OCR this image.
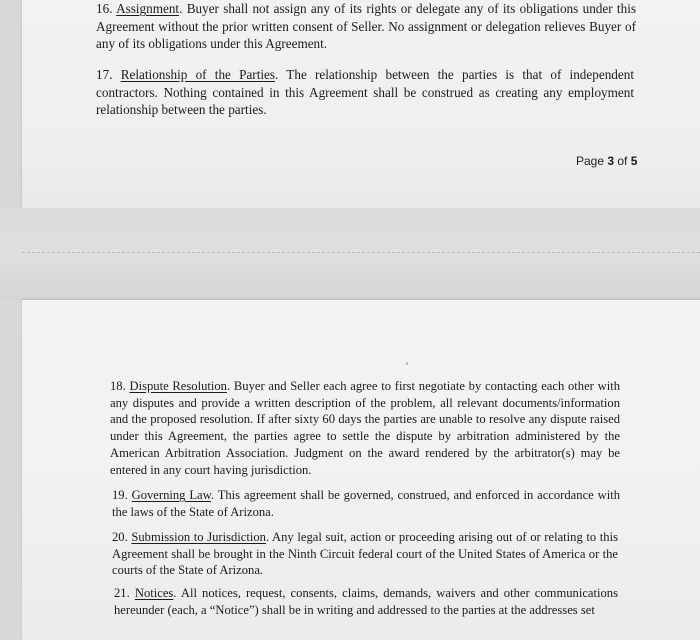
16. Assignment. Buyer shall not assign any of its rights or delegate any of its obligations under this Agreement without the prior written consent of Seller. No assignment or delegation relieves Buyer of any of its obligations under this Agreement.

17. Relationship of the Parties. The relationship between the parties is that of independent contractors. Nothing contained in this Agreement shall be construed as creating any employment relationship between the parties.

Page 3 of 5

18. Dispute Resolution. Buyer and Seller each agree to first negotiate by contacting each other with any disputes and provide a written description of the problem, all relevant documents/information and the proposed resolution. If after sixty 60 days the parties are unable to resolve any dispute raised under this Agreement, the parties agree to settle the dispute by arbitration administered by the American Arbitration Association. Judgment on the award rendered by the arbitrator(s) may be entered in any court having jurisdiction.

19. Governing Law. This agreement shall be governed, construed, and enforced in accordance with the laws of the State of Arizona.

20. Submission to Jurisdiction. Any legal suit, action or proceeding arising out of or relating to this Agreement shall be brought in the Ninth Circuit federal court of the United States of America or the courts of the State of Arizona.

21. Notices. All notices, request, consents, claims, demands, waivers and other communications hereunder (each, a “Notice”) shall be in writing and addressed to the parties at the addresses set
